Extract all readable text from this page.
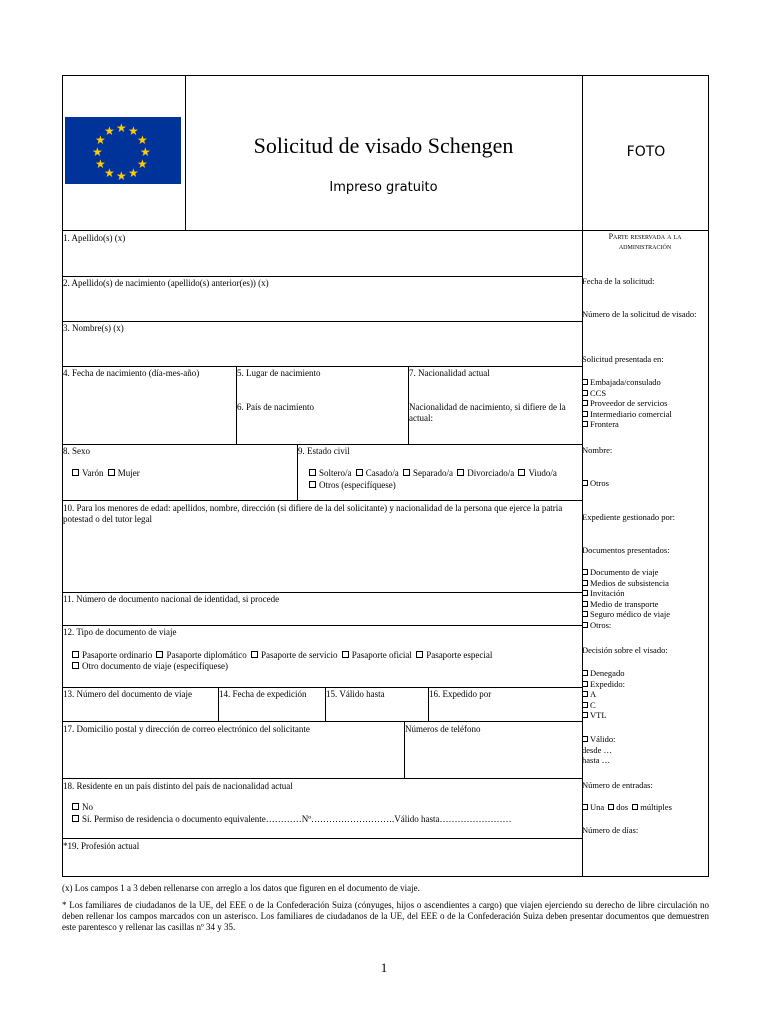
★ ★
★
★
★
★
★
★
★
★
★
★
Solicitud de visado Schengen
Impreso gratuito
FOTO
1. Apellido(s) (x)
2. Apellido(s) de nacimiento (apellido(s) anterior(es)) (x)
3. Nombre(s) (x)
4. Fecha de nacimiento (día-mes-año)	5. Lugar de nacimiento
6. País de nacimiento
7. Nacionalidad actual
Nacionalidad de nacimiento, si difiere de la actual:
8. Sexo
Varón Mujer
9. Estado civil
Soltero/a Casado/a Separado/a Divorciado/a Viudo/a
Otros (especifíquese)
10. Para los menores de edad: apellidos, nombre, dirección (si difiere de la del solicitante) y nacionalidad de la persona que ejerce la patria potestad o del tutor legal
11. Número de documento nacional de identidad, si procede
12. Tipo de documento de viaje
Pasaporte ordinario Pasaporte diplomático Pasaporte de servicio Pasaporte oficial Pasaporte especial
Otro documento de viaje (especifíquese)
13. Número del documento de viaje	14. Fecha de expedición 15. Válido hasta	16. Expedido por
17. Domicilio postal y dirección de correo electrónico del solicitante	Números de teléfono
18. Residente en un país distinto del país de nacionalidad actual
No
Sí. Permiso de residencia o documento equivalente…………Nº……………………….Válido hasta……………………
*19. Profesión actual
Parte reservada a la
administración
Fecha de la solicitud:
Número de la solicitud de visado:
Solicitud presentada en:
Embajada/consulado
CCS
Proveedor de servicios
Intermediario comercial
Frontera
Nombre:
Otros
Expediente gestionado por:
Documentos presentados:
Documento de viaje
Medios de subsistencia
Invitación
Medio de transporte
Seguro médico de viaje
Otros:
Decisión sobre el visado:
Denegado
Expedido:
A
C
VTL
Válido:
desde …
hasta …
Número de entradas:
Una dos múltiples
Número de días:
(x) Los campos 1 a 3 deben rellenarse con arreglo a los datos que figuren en el documento de viaje.
* Los familiares de ciudadanos de la UE, del EEE o de la Confederación Suiza (cónyuges, hijos o ascendientes a cargo) que viajen ejerciendo su derecho de libre circulación no deben rellenar los campos marcados con un asterisco. Los familiares de ciudadanos de la UE, del EEE o de la Confederación Suiza deben presentar documentos que demuestren este parentesco y rellenar las casillas nº 34 y 35.
1
